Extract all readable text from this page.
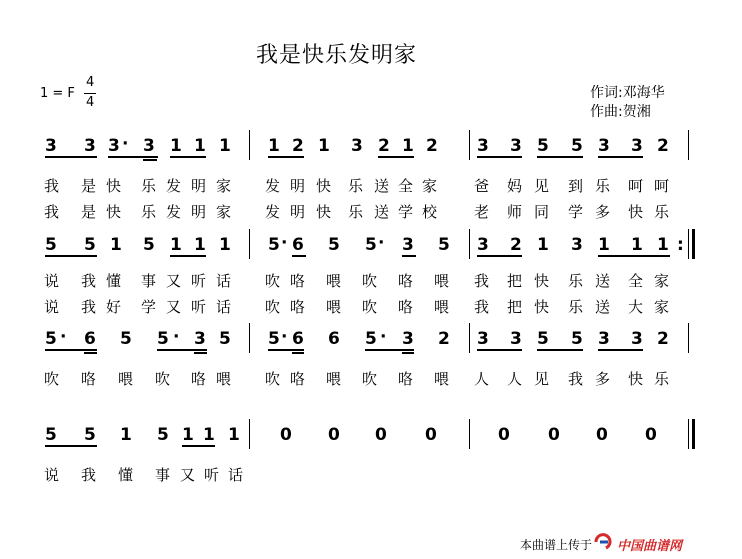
我是快乐发明家
1 = F
4
4
作词:邓海华
作曲:贺湘
3 3 3 · 3 1 1 1 1 2 1 3 2 1 2 3 3 5 5 3 3 2
我 是 快 乐 发 明 家 发 明 快 乐 送 全 家 爸 妈 见 到 乐 呵 呵
我 是 快 乐 发 明 家 发 明 快 乐 送 学 校 老 师 同 学 多 快 乐
5 5 1 5 1 1 1 5 · 6 5 5 · 3 5 3 2 1 3 1 1 1 :
说 我 懂 事 又 听 话 吹 咯 喂 吹 咯 喂 我 把 快 乐 送 全 家
说 我 好 学 又 听 话 吹 咯 喂 吹 咯 喂 我 把 快 乐 送 大 家
5 · 6 5 5 · 3 5 5 · 6 6 5 · 3 2 3 3 5 5 3 3 2
吹 咯 喂 吹 咯 喂 吹 咯 喂 吹 咯 喂 人 人 见 我 多 快 乐
5 5 1 5 1 1 1 0 0 0 0	0 0 0 0
说 我 懂 事 又 听 话
本曲谱上传于 中国曲谱网
